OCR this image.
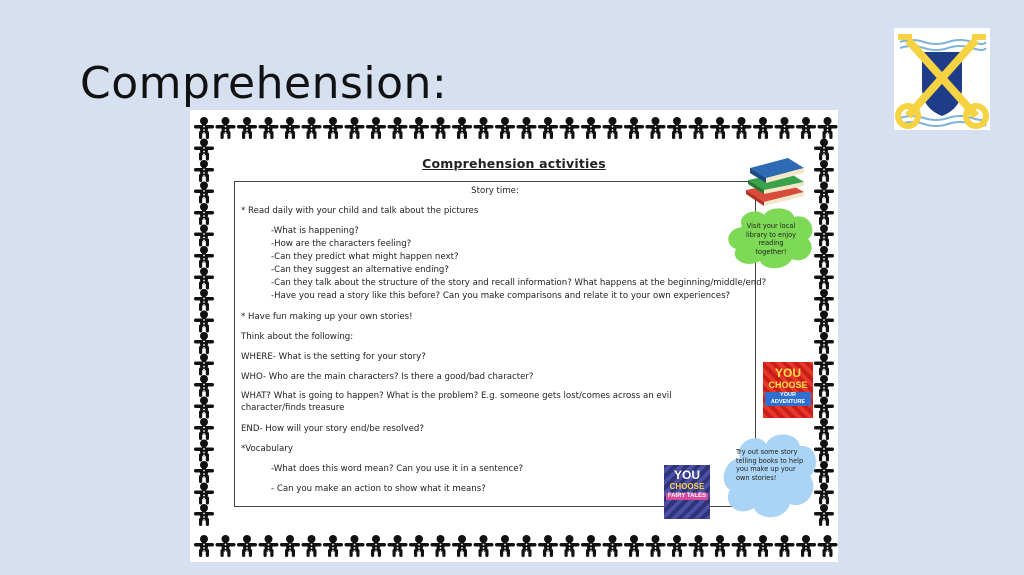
Comprehension:
Comprehension activities
Story time:
* Read daily with your child and talk about the pictures
-What is happening?
-How are the characters feeling?
-Can they predict what might happen next?
-Can they suggest an alternative ending?
-Can they talk about the structure of the story and recall information? What happens at the beginning/middle/end?
-Have you read a story like this before? Can you make comparisons and relate it to your own experiences?
* Have fun making up your own stories!
Think about the following:
WHERE- What is the setting for your story?
WHO- Who are the main characters? Is there a good/bad character?
WHAT? What is going to happen? What is the problem? E.g. someone gets lost/comes across an evil character/finds treasure
END- How will your story end/be resolved?
*Vocabulary
-What does this word mean? Can you use it in a sentence?
- Can you make an action to show what it means?
Visit your local library to enjoy reading together!
YOU
CHOOSE
YOUR ADVENTURE
Try out some story telling books to help you make up your own stories!
YOU
CHOOSE
FAIRY TALES
